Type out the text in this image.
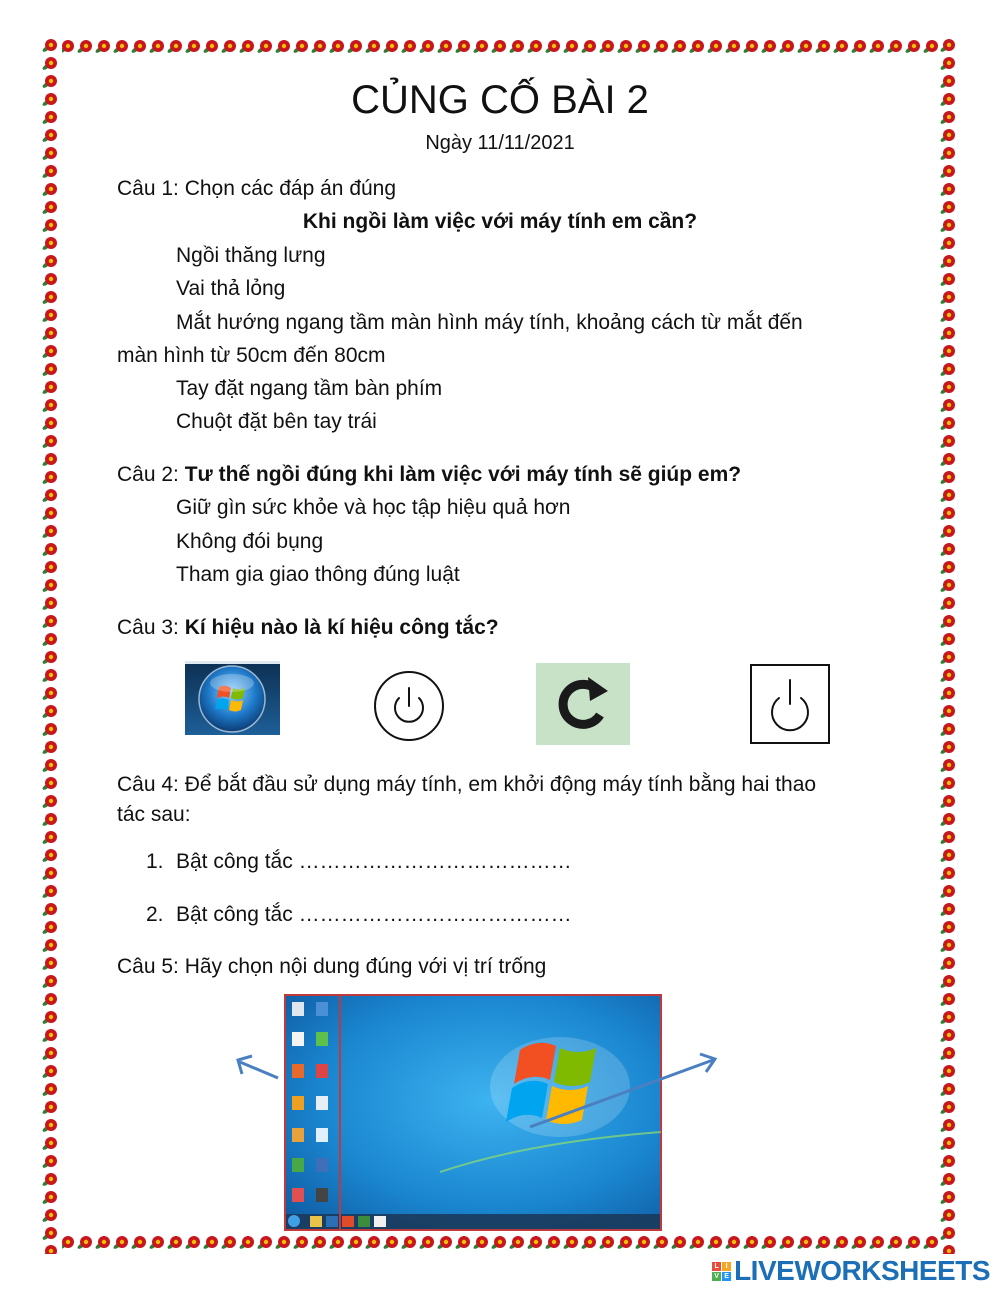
CỦNG CỐ BÀI 2
Ngày 11/11/2021
Câu 1: Chọn các đáp án đúng
Khi ngồi làm việc với máy tính em cần?
Ngồi thăng lưng
Vai thả lỏng
Mắt hướng ngang tầm màn hình máy tính, khoảng cách từ mắt đến
màn hình từ 50cm đến 80cm
Tay đặt ngang tầm bàn phím
Chuột đặt bên tay trái
Câu 2: Tư thế ngồi đúng khi làm việc với máy tính sẽ giúp em?
Giữ gìn sức khỏe và học tập hiệu quả hơn
Không đói bụng
Tham gia giao thông đúng luật
Câu 3: Kí hiệu nào là kí hiệu công tắc?
Câu 4: Để bắt đầu sử dụng máy tính, em khởi động máy tính bằng hai thao
tác sau:
1. Bật công tắc …………………………………
2. Bật công tắc …………………………………
Câu 5: Hãy chọn nội dung đúng với vị trí trống
L I
V E LIVEWORKSHEETS
